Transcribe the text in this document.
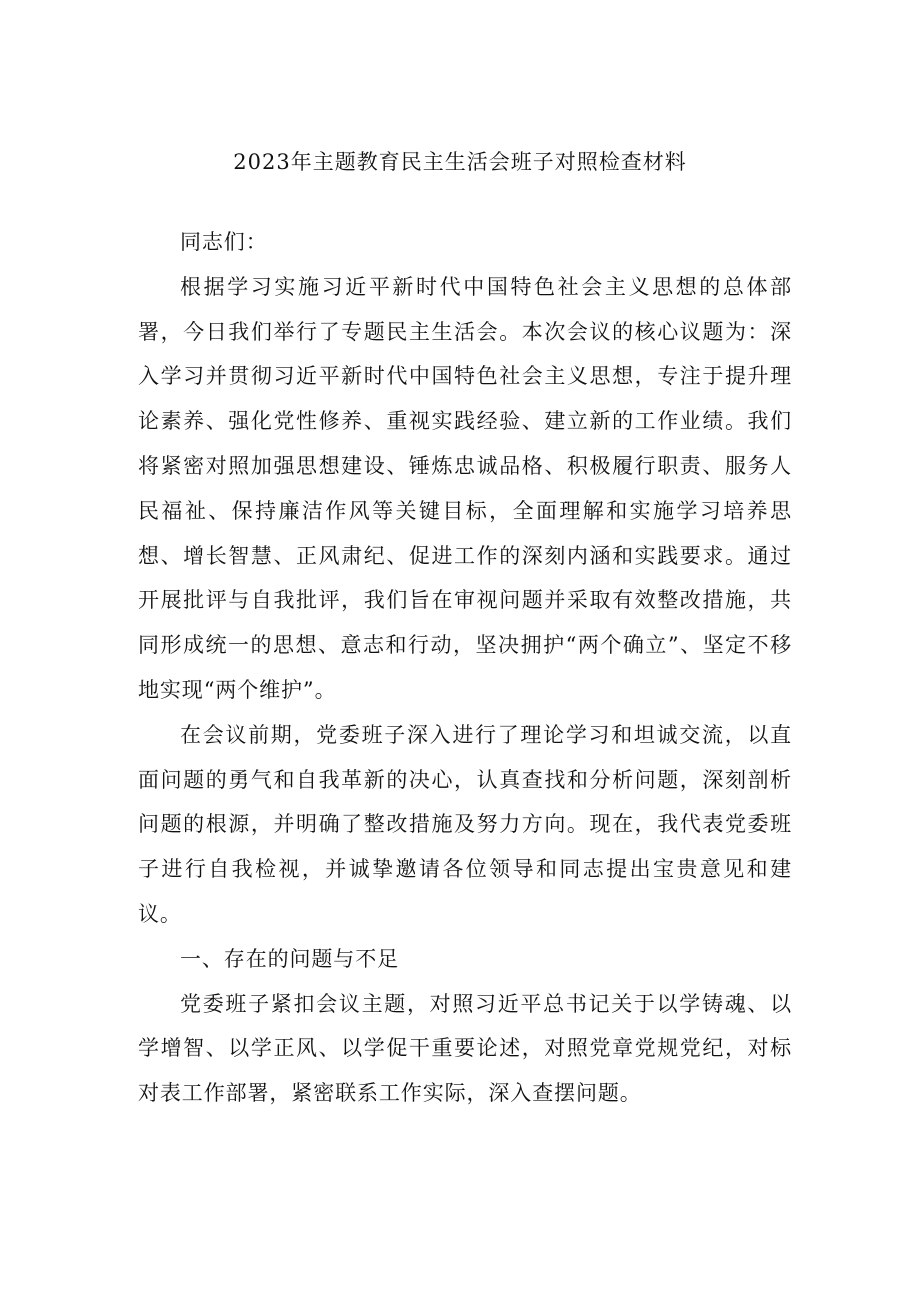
2023年主题教育民主生活会班子对照检查材料

同志们：

根据学习实施习近平新时代中国特色社会主义思想的总体部署，今日我们举行了专题民主生活会。本次会议的核心议题为：深入学习并贯彻习近平新时代中国特色社会主义思想，专注于提升理论素养、强化党性修养、重视实践经验、建立新的工作业绩。我们将紧密对照加强思想建设、锤炼忠诚品格、积极履行职责、服务人民福祉、保持廉洁作风等关键目标，全面理解和实施学习培养思想、增长智慧、正风肃纪、促进工作的深刻内涵和实践要求。通过开展批评与自我批评，我们旨在审视问题并采取有效整改措施，共同形成统一的思想、意志和行动，坚决拥护“两个确立”、坚定不移地实现“两个维护”。

在会议前期，党委班子深入进行了理论学习和坦诚交流，以直面问题的勇气和自我革新的决心，认真查找和分析问题，深刻剖析问题的根源，并明确了整改措施及努力方向。现在，我代表党委班子进行自我检视，并诚挚邀请各位领导和同志提出宝贵意见和建议。

一、存在的问题与不足

党委班子紧扣会议主题，对照习近平总书记关于以学铸魂、以学增智、以学正风、以学促干重要论述，对照党章党规党纪，对标对表工作部署，紧密联系工作实际，深入查摆问题。
